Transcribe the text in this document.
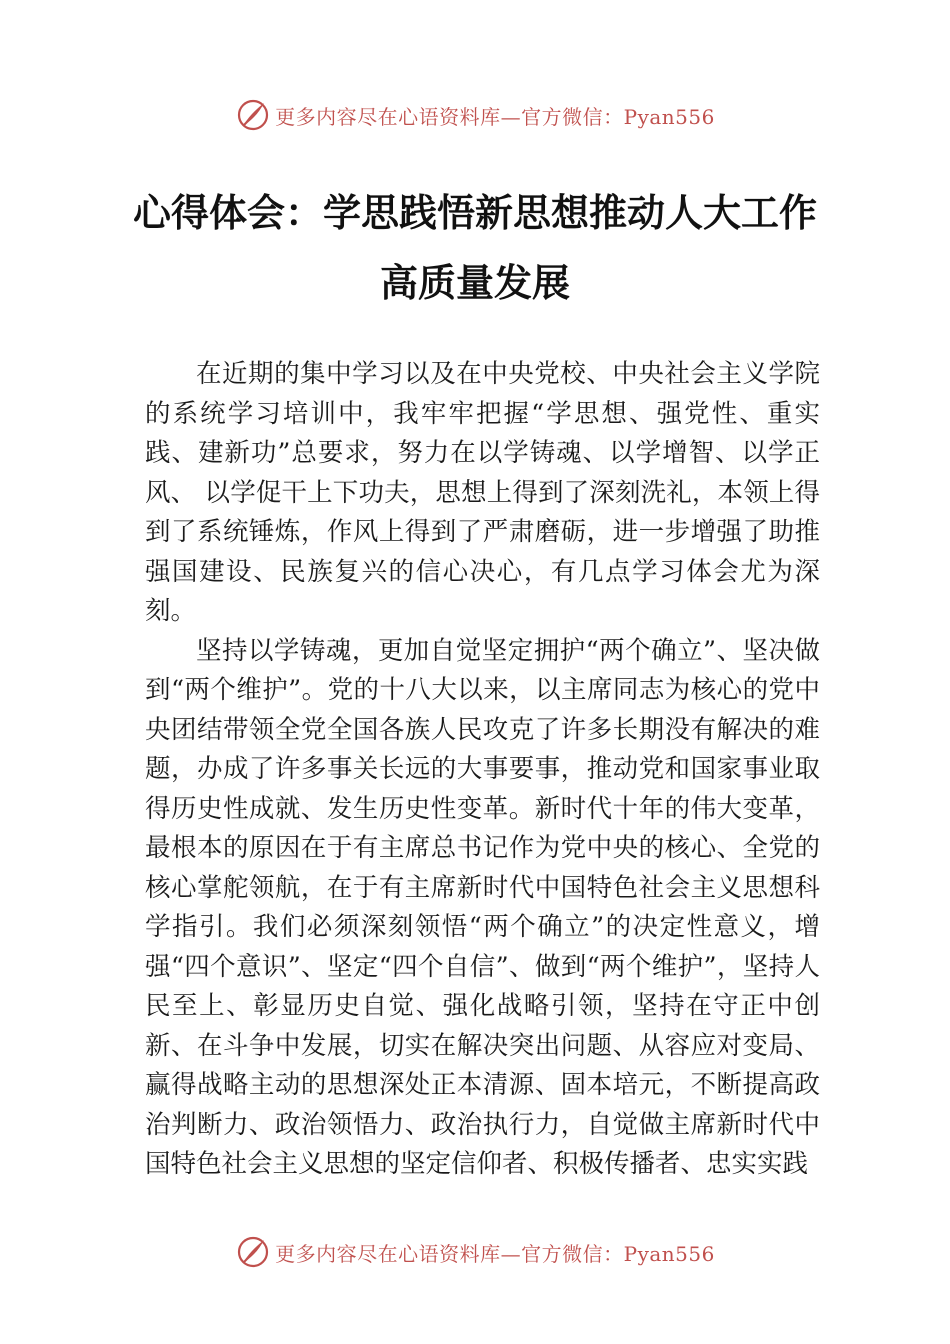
更多内容尽在心语资料库—官方微信：Pyan556
心得体会：学思践悟新思想推动人大工作
高质量发展

在近期的集中学习以及在中央党校、中央社会主义学院的系统学习培训中，我牢牢把握“学思想、强党性、重实践、建新功”总要求，努力在以学铸魂、以学增智、以学正风、 以学促干上下功夫，思想上得到了深刻洗礼，本领上得到了系统锤炼，作风上得到了严肃磨砺，进一步增强了助推强国建设、民族复兴的信心决心，有几点学习体会尤为深刻。

坚持以学铸魂，更加自觉坚定拥护“两个确立”、坚决做到“两个维护”。党的十八大以来，以主席同志为核心的党中央团结带领全党全国各族人民攻克了许多长期没有解决的难题，办成了许多事关长远的大事要事，推动党和国家事业取得历史性成就、发生历史性变革。新时代十年的伟大变革， 最根本的原因在于有主席总书记作为党中央的核心、全党的核心掌舵领航，在于有主席新时代中国特色社会主义思想科学指引。我们必须深刻领悟“两个确立”的决定性意义，增强“四个意识”、坚定“四个自信”、做到“两个维护”，坚持人民至上、彰显历史自觉、强化战略引领，坚持在守正中创新、在斗争中发展，切实在解决突出问题、从容应对变局、 赢得战略主动的思想深处正本清源、固本培元，不断提高政治判断力、政治领悟力、政治执行力，自觉做主席新时代中国特色社会主义思想的坚定信仰者、积极传播者、忠实实践

更多内容尽在心语资料库—官方微信：Pyan556
